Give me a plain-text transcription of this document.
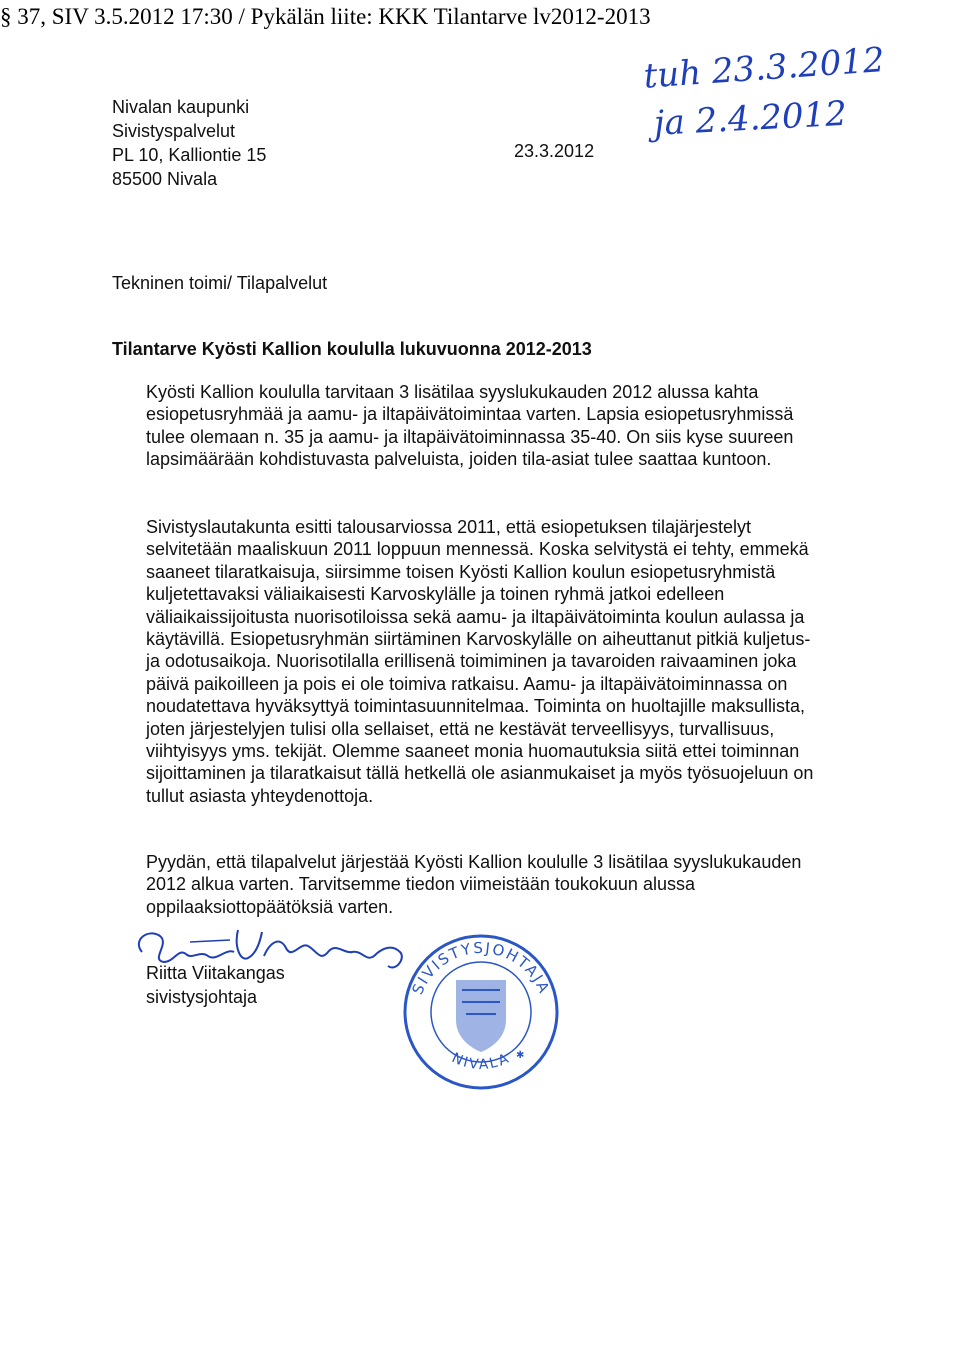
§ 37, SIV 3.5.2012 17:30 / Pykälän liite: KKK Tilantarve lv2012-2013
Nivalan kaupunki
Sivistyspalvelut
PL 10, Kalliontie 15
85500 Nivala
23.3.2012
tuh 23.3.2012
ja 2.4.2012
Tekninen toimi/ Tilapalvelut
Tilantarve Kyösti Kallion koululla lukuvuonna 2012-2013
Kyösti Kallion koululla tarvitaan 3 lisätilaa syyslukukauden 2012 alussa kahta esiopetusryhmää ja aamu- ja iltapäivätoimintaa varten. Lapsia esiopetusryhmissä tulee olemaan n. 35 ja aamu- ja iltapäivätoiminnassa 35-40. On siis kyse suureen lapsimäärään kohdistuvasta palveluista, joiden tila-asiat tulee saattaa kuntoon.
Sivistyslautakunta esitti talousarviossa 2011, että esiopetuksen tilajärjestelyt selvitetään maaliskuun 2011 loppuun mennessä. Koska selvitystä ei tehty, emmekä saaneet tilaratkaisuja, siirsimme toisen Kyösti Kallion koulun esiopetusryhmistä kuljetettavaksi väliaikaisesti Karvoskylälle ja toinen ryhmä jatkoi edelleen väliaikaissijoitusta nuorisotiloissa sekä aamu- ja iltapäivätoiminta koulun aulassa ja käytävillä. Esiopetusryhmän siirtäminen Karvoskylälle on aiheuttanut pitkiä kuljetus- ja odotusaikoja. Nuorisotilalla erillisenä toimiminen ja tavaroiden raivaaminen joka päivä paikoilleen ja pois ei ole toimiva ratkaisu. Aamu- ja iltapäivätoiminnassa on noudatettava hyväksyttyä toimintasuunnitelmaa. Toiminta on huoltajille maksullista, joten järjestelyjen tulisi olla sellaiset, että ne kestävät terveellisyys, turvallisuus, viihtyisyys yms. tekijät. Olemme saaneet monia huomautuksia siitä ettei toiminnan sijoittaminen ja tilaratkaisut tällä hetkellä ole asianmukaiset ja myös työsuojeluun on tullut asiasta yhteydenottoja.
Pyydän, että tilapalvelut järjestää Kyösti Kallion koululle 3 lisätilaa syyslukukauden 2012 alkua varten. Tarvitsemme tiedon viimeistään toukokuun alussa oppilaaksiottopäätöksiä varten.
Riitta Viitakangas
sivistysjohtaja	SIVISTYSJOHTAJA
NIVALA ✱
